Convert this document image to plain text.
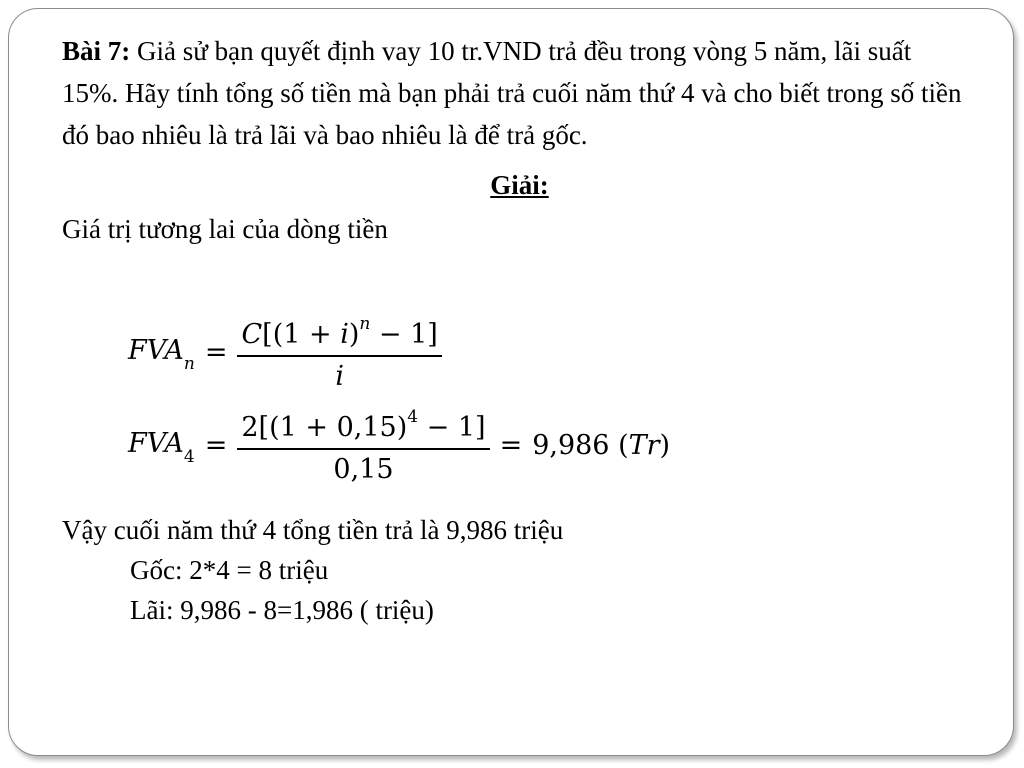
Bài 7: Giả sử bạn quyết định vay 10 tr.VND trả đều trong vòng 5 năm, lãi suất 15%. Hãy tính tổng số tiền mà bạn phải trả cuối năm thứ 4 và cho biết trong số tiền đó bao nhiêu là trả lãi và bao nhiêu là để trả gốc.

Giải:
Giá trị tương lai của dòng tiền
$FVA_n = \frac{C[(1 + i)^n - 1]}{i}$
$FVA_4 = \frac{2[(1 + 0,15)^4 - 1]}{0,15} = 9,986$ (Tr)
Vậy cuối năm thứ 4 tổng tiền trả là 9,986 triệu
Gốc: 2*4 = 8 triệu
Lãi: 9,986 - 8=1,986 ( triệu)
